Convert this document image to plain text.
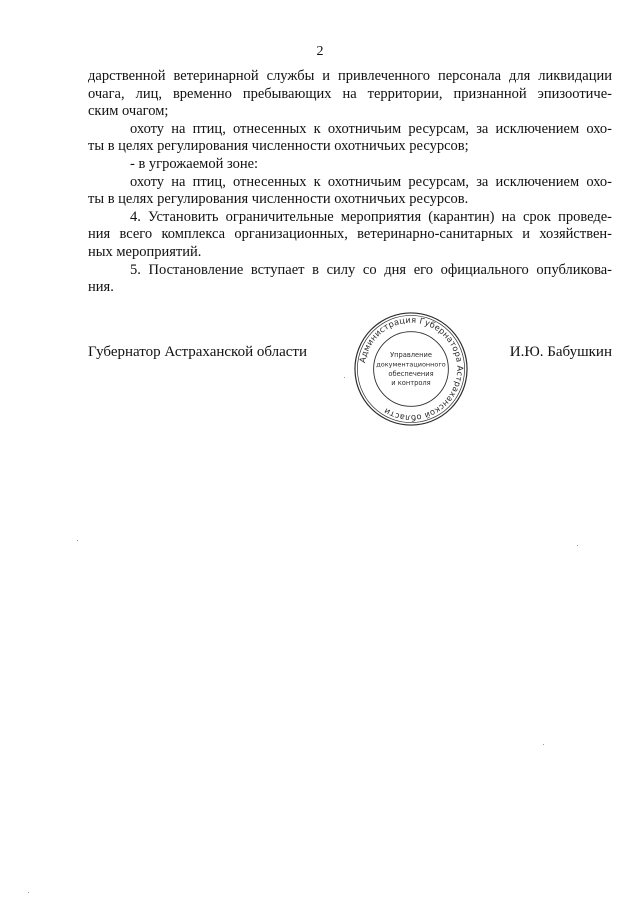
2
дарственной ветеринарной службы и привлеченного персонала для ликвидации
очага, лиц, временно пребывающих на территории, признанной эпизоотиче-
ским очагом;
охоту на птиц, отнесенных к охотничьим ресурсам, за исключением охо-
ты в целях регулирования численности охотничьих ресурсов;
- в угрожаемой зоне:
охоту на птиц, отнесенных к охотничьим ресурсам, за исключением охо-
ты в целях регулирования численности охотничьих ресурсов.
4. Установить ограничительные мероприятия (карантин) на срок проведе-
ния всего комплекса организационных, ветеринарно-санитарных и хозяйствен-
ных мероприятий.
5. Постановление вступает в силу со дня его официального опубликова-
ния.
Губернатор Астраханской области	И.Ю. Бабушкин
Администрация Губернатора Астраханской области
Управление
документационного
обеспечения
и контроля
